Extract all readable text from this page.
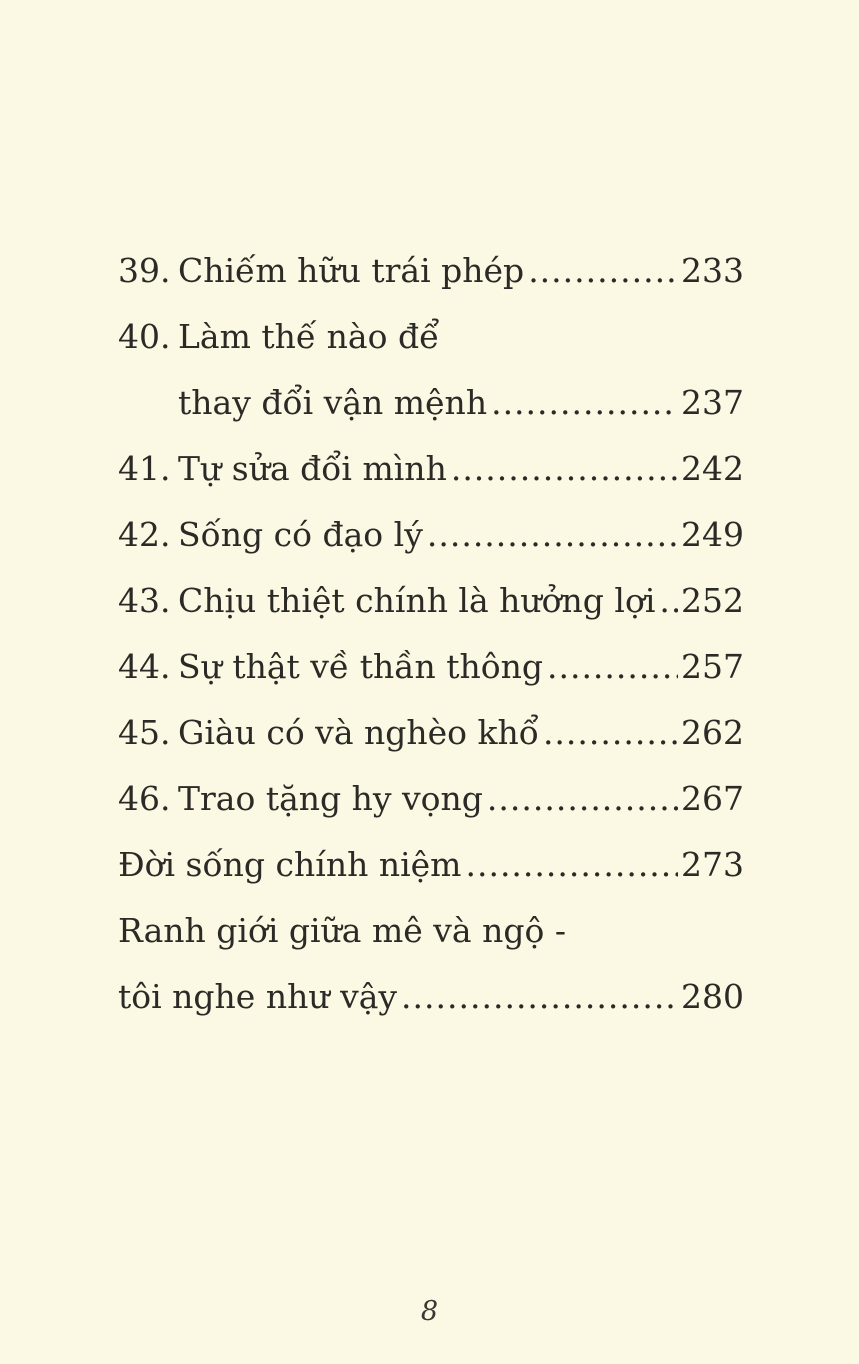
39. Chiếm hữu trái phép .....	233
40. Làm thế nào để
thay đổi vận mệnh .....	237
41. Tự sửa đổi mình .....	242
42. Sống có đạo lý .....	249
43. Chịu thiệt chính là hưởng lợi ..... 252
44. Sự thật về thần thông .....	257
45. Giàu có và nghèo khổ .....	262
46. Trao tặng hy vọng .....	267
Đời sống chính niệm .....	273
Ranh giới giữa mê và ngộ -
tôi nghe như vậy .....	280
8
